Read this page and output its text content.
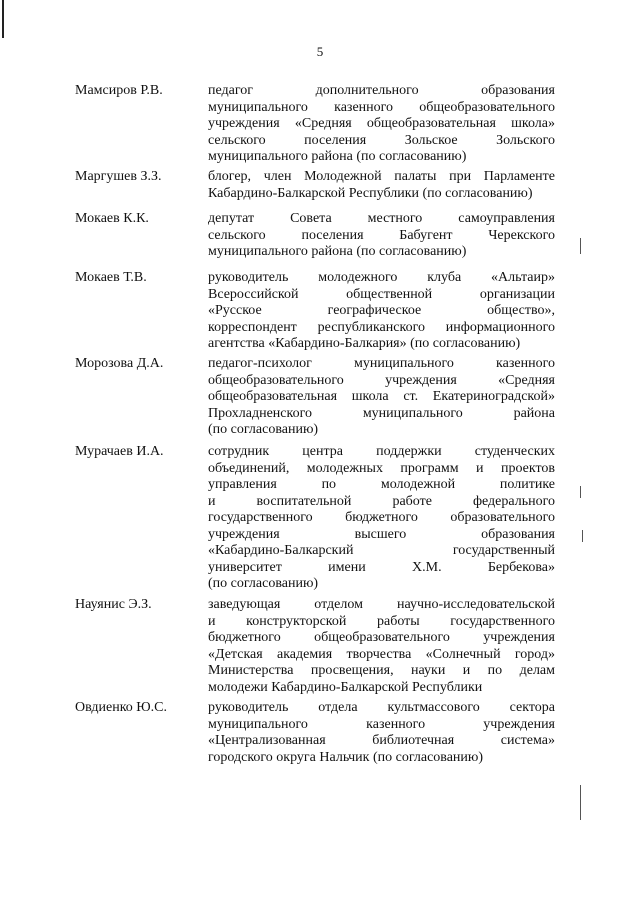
5
Мамсиров Р.В.	педагог дополнительного образования
муниципального казенного общеобразовательного
учреждения «Средняя общеобразовательная школа»
сельского поселения Зольское Зольского
муниципального района (по согласованию)
Маргушев З.З.	блогер, член Молодежной палаты при Парламенте
Кабардино-Балкарской Республики (по согласованию)
Мокаев К.К.	депутат Совета местного самоуправления
сельского поселения Бабугент Черекского
муниципального района (по согласованию)
Мокаев Т.В.	руководитель молодежного клуба «Альтаир»
Всероссийской общественной организации
«Русское географическое общество»,
корреспондент республиканского информационного
агентства «Кабардино-Балкария» (по согласованию)
Морозова Д.А.	педагог-психолог муниципального казенного
общеобразовательного учреждения «Средняя
общеобразовательная школа ст. Екатериноградской»
Прохладненского муниципального района
(по согласованию)
Мурачаев И.А.	сотрудник центра поддержки студенческих
объединений, молодежных программ и проектов
управления по молодежной политике
и воспитательной работе федерального
государственного бюджетного образовательного
учреждения высшего образования
«Кабардино-Балкарский государственный
университет имени Х.М. Бербекова»
(по согласованию)
Науянис Э.З.	заведующая отделом научно-исследовательской
и конструкторской работы государственного
бюджетного общеобразовательного учреждения
«Детская академия творчества «Солнечный город»
Министерства просвещения, науки и по делам
молодежи Кабардино-Балкарской Республики
Овдиенко Ю.С.	руководитель отдела культмассового сектора
муниципального казенного учреждения
«Централизованная библиотечная система»
городского округа Нальчик (по согласованию)
